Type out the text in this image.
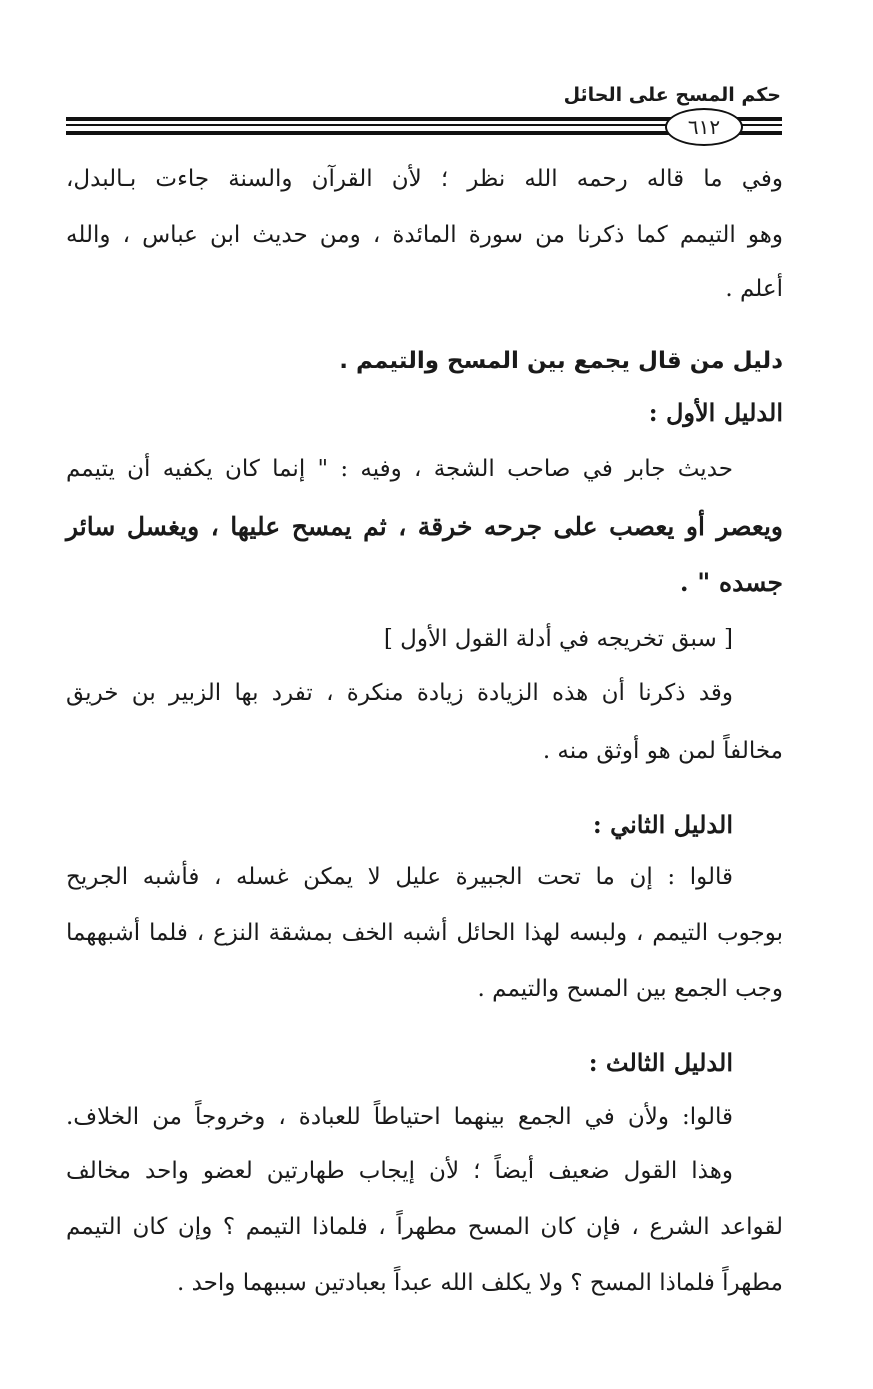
حكم المسح على الحائل
٦١٢
وفي ما قاله رحمه الله نظر ؛ لأن القرآن والسنة جاءت بـالبدل،
وهو التيمم كما ذكرنا من سورة المائدة ، ومن حديث ابن عباس ، والله
أعلم .
دليل من قال يجمع بين المسح والتيمم .
الدليل الأول :
حديث جابر في صاحب الشجة ، وفيه : " إنما كان يكفيه أن يتيمم
ويعصر أو يعصب على جرحه خرقة ، ثم يمسح عليها ، ويغسل سائر
جسده " .
[ سبق تخريجه في أدلة القول الأول ]
وقد ذكرنا أن هذه الزيادة زيادة منكرة ، تفرد بها الزبير بن خريق
مخالفاً لمن هو أوثق منه .
الدليل الثاني :
قالوا : إن ما تحت الجبيرة عليل لا يمكن غسله ، فأشبه الجريح
بوجوب التيمم ، ولبسه لهذا الحائل أشبه الخف بمشقة النزع ، فلما أشبههما
وجب الجمع بين المسح والتيمم .
الدليل الثالث :
قالوا: ولأن في الجمع بينهما احتياطاً للعبادة ، وخروجاً من الخلاف.
وهذا القول ضعيف أيضاً ؛ لأن إيجاب طهارتين لعضو واحد مخالف
لقواعد الشرع ، فإن كان المسح مطهراً ، فلماذا التيمم ؟ وإن كان التيمم
مطهراً فلماذا المسح ؟ ولا يكلف الله عبداً بعبادتين سببهما واحد .
